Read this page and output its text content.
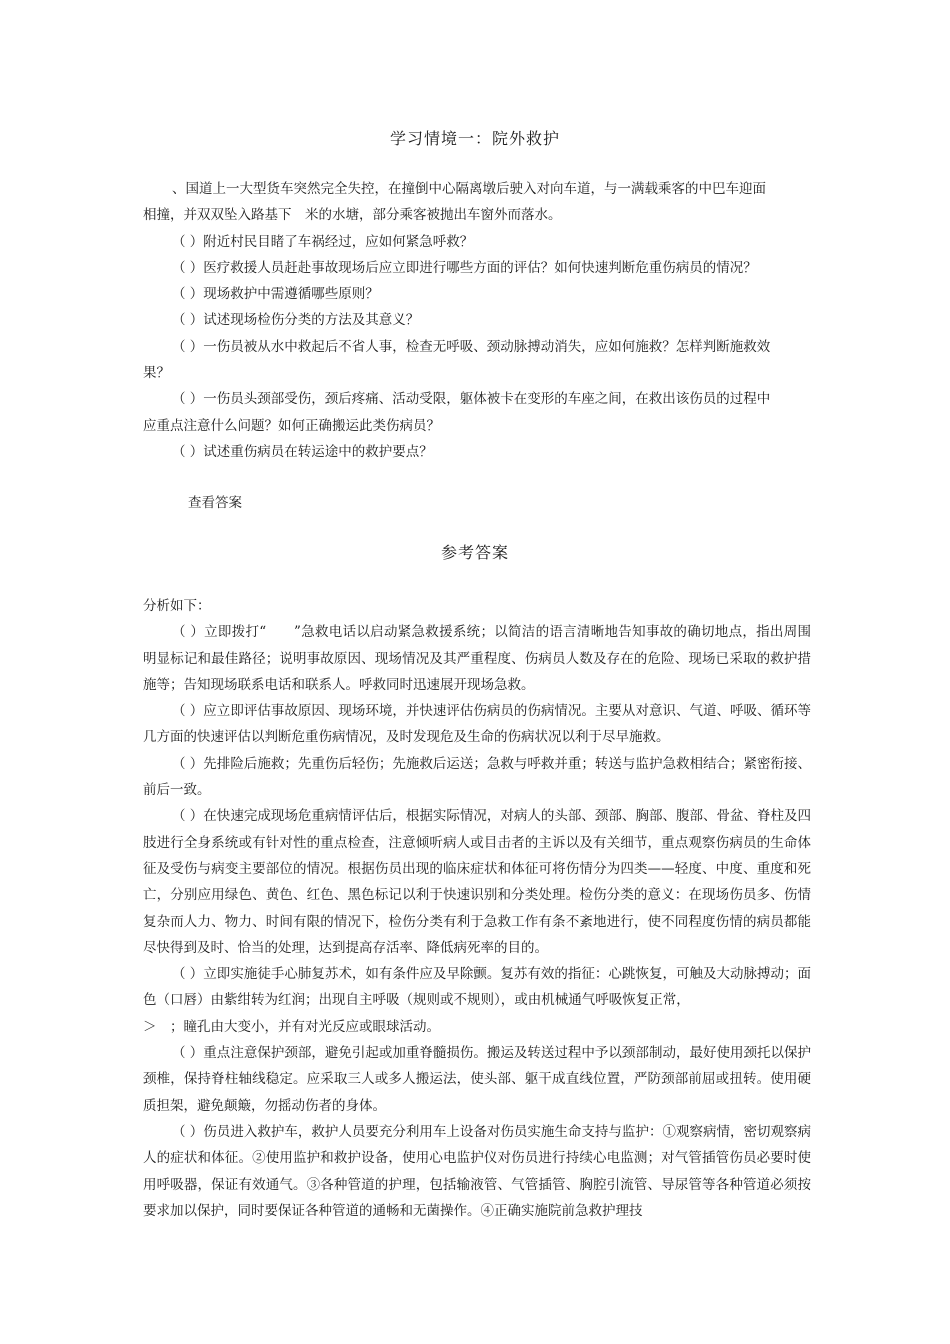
学习情境一：院外救护

、国道上一大型货车突然完全失控，在撞倒中心隔离墩后驶入对向车道，与一满载乘客的中巴车迎面

相撞，并双双坠入路基下　米的水塘，部分乘客被抛出车窗外而落水。

（ ）附近村民目睹了车祸经过，应如何紧急呼救？

（ ）医疗救援人员赶赴事故现场后应立即进行哪些方面的评估？如何快速判断危重伤病员的情况？

（ ）现场救护中需遵循哪些原则？

（ ）试述现场检伤分类的方法及其意义？

（ ）一伤员被从水中救起后不省人事，检查无呼吸、颈动脉搏动消失，应如何施救？怎样判断施救效

果？

（ ）一伤员头颈部受伤，颈后疼痛、活动受限，躯体被卡在变形的车座之间，在救出该伤员的过程中

应重点注意什么问题？如何正确搬运此类伤病员？

（ ）试述重伤病员在转运途中的救护要点？

查看答案
参考答案

分析如下：

（ ）立即拨打“　　”急救电话以启动紧急救援系统；以简洁的语言清晰地告知事故的确切地点，指出周围明显标记和最佳路径；说明事故原因、现场情况及其严重程度、伤病员人数及存在的危险、现场已采取的救护措施等；告知现场联系电话和联系人。呼救同时迅速展开现场急救。

（ ）应立即评估事故原因、现场环境，并快速评估伤病员的伤病情况。主要从对意识、气道、呼吸、循环等几方面的快速评估以判断危重伤病情况，及时发现危及生命的伤病状况以利于尽早施救。

（ ）先排险后施救；先重伤后轻伤；先施救后运送；急救与呼救并重；转送与监护急救相结合；紧密衔接、前后一致。

（ ）在快速完成现场危重病情评估后，根据实际情况，对病人的头部、颈部、胸部、腹部、骨盆、脊柱及四肢进行全身系统或有针对性的重点检查，注意倾听病人或目击者的主诉以及有关细节，重点观察伤病员的生命体征及受伤与病变主要部位的情况。根据伤员出现的临床症状和体征可将伤情分为四类——轻度、中度、重度和死亡，分别应用绿色、黄色、红色、黑色标记以利于快速识别和分类处理。检伤分类的意义：在现场伤员多、伤情复杂而人力、物力、时间有限的情况下，检伤分类有利于急救工作有条不紊地进行，使不同程度伤情的病员都能尽快得到及时、恰当的处理，达到提高存活率、降低病死率的目的。

（ ）立即实施徒手心肺复苏术，如有条件应及早除颤。复苏有效的指征：心跳恢复，可触及大动脉搏动；面色（口唇）由紫绀转为红润；出现自主呼吸（规则或不规则），或由机械通气呼吸恢复正常，

＞　；瞳孔由大变小，并有对光反应或眼球活动。

（ ）重点注意保护颈部，避免引起或加重脊髓损伤。搬运及转送过程中予以颈部制动，最好使用颈托以保护颈椎，保持脊柱轴线稳定。应采取三人或多人搬运法，使头部、躯干成直线位置，严防颈部前屈或扭转。使用硬质担架，避免颠簸，勿摇动伤者的身体。

（ ）伤员进入救护车，救护人员要充分利用车上设备对伤员实施生命支持与监护：①观察病情，密切观察病人的症状和体征。②使用监护和救护设备，使用心电监护仪对伤员进行持续心电监测；对气管插管伤员必要时使用呼吸器，保证有效通气。③各种管道的护理，包括输液管、气管插管、胸腔引流管、导尿管等各种管道必须按要求加以保护，同时要保证各种管道的通畅和无菌操作。④正确实施院前急救护理技
